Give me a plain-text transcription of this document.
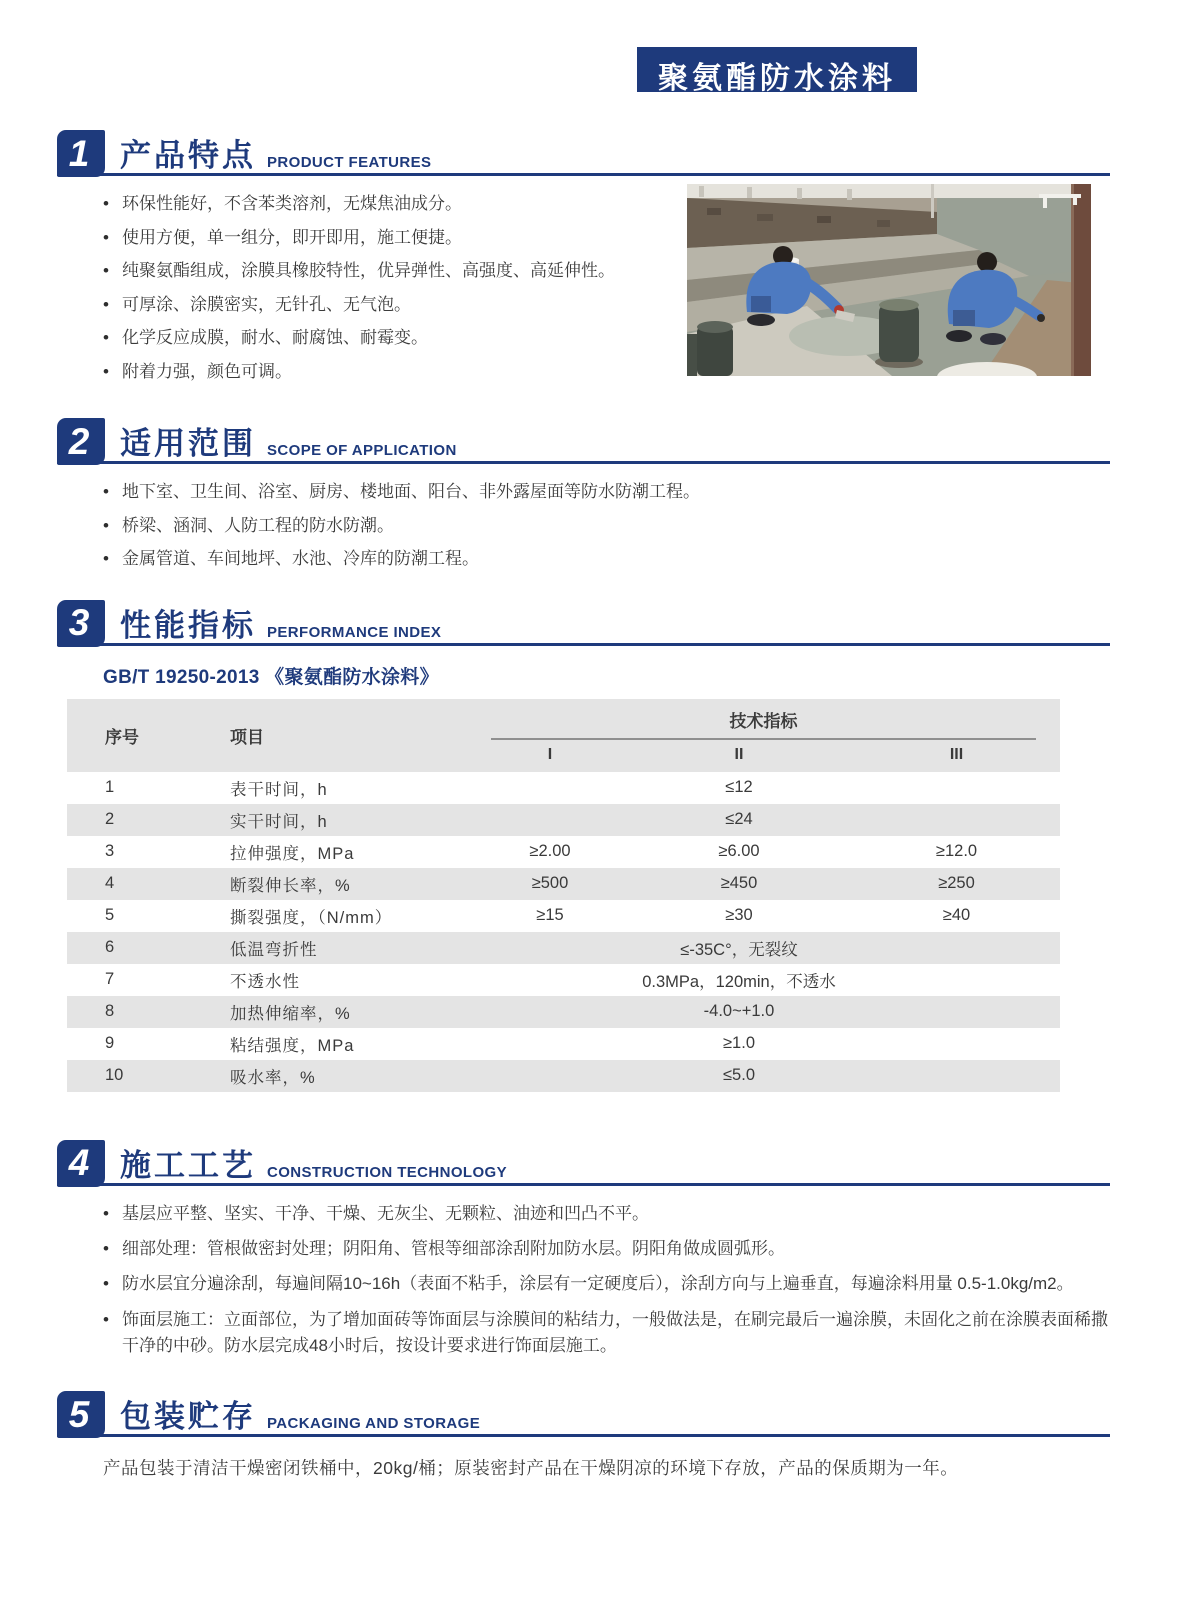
聚氨酯防水涂料
1 产品特点 PRODUCT FEATURES
•
环保性能好，不含苯类溶剂，无煤焦油成分。
•
使用方便，单一组分，即开即用，施工便捷。
•
纯聚氨酯组成，涂膜具橡胶特性，优异弹性、高强度、高延伸性。
•
可厚涂、涂膜密实，无针孔、无气泡。
•
化学反应成膜，耐水、耐腐蚀、耐霉变。
•
附着力强，颜色可调。
2 适用范围 SCOPE OF APPLICATION
•
地下室、卫生间、浴室、厨房、楼地面、阳台、非外露屋面等防水防潮工程。
•
桥梁、涵洞、人防工程的防水防潮。
•
金属管道、车间地坪、水池、冷库的防潮工程。
3 性能指标 PERFORMANCE INDEX
GB/T 19250-2013 《聚氨酯防水涂料》
序号	项目
技术指标
I	II	III
1	表干时间，h	≤12
2	实干时间，h	≤24
3	拉伸强度，MPa	≥2.00	≥6.00	≥12.0
4	断裂伸长率，%	≥500	≥450	≥250
5	撕裂强度，（N/mm）	≥15	≥30	≥40
6	低温弯折性	≤-35C°，无裂纹
7	不透水性	0.3MPa，120min，不透水
8	加热伸缩率，%	-4.0~+1.0
9	粘结强度，MPa	≥1.0
10	吸水率，%	≤5.0
4 施工工艺 CONSTRUCTION TECHNOLOGY
•
基层应平整、坚实、干净、干燥、无灰尘、无颗粒、油迹和凹凸不平。
•
细部处理：管根做密封处理；阴阳角、管根等细部涂刮附加防水层。阴阳角做成圆弧形。
•
防水层宜分遍涂刮，每遍间隔10~16h（表面不粘手，涂层有一定硬度后），涂刮方向与上遍垂直，每遍涂料用量 0.5-1.0kg/m2。
•
饰面层施工：立面部位，为了增加面砖等饰面层与涂膜间的粘结力，一般做法是，在刷完最后一遍涂膜，未固化之前在涂膜表面稀撒干净的中砂。防水层完成48小时后，按设计要求进行饰面层施工。
5 包装贮存 PACKAGING AND STORAGE
产品包装于清洁干燥密闭铁桶中，20kg/桶；原装密封产品在干燥阴凉的环境下存放，产品的保质期为一年。
